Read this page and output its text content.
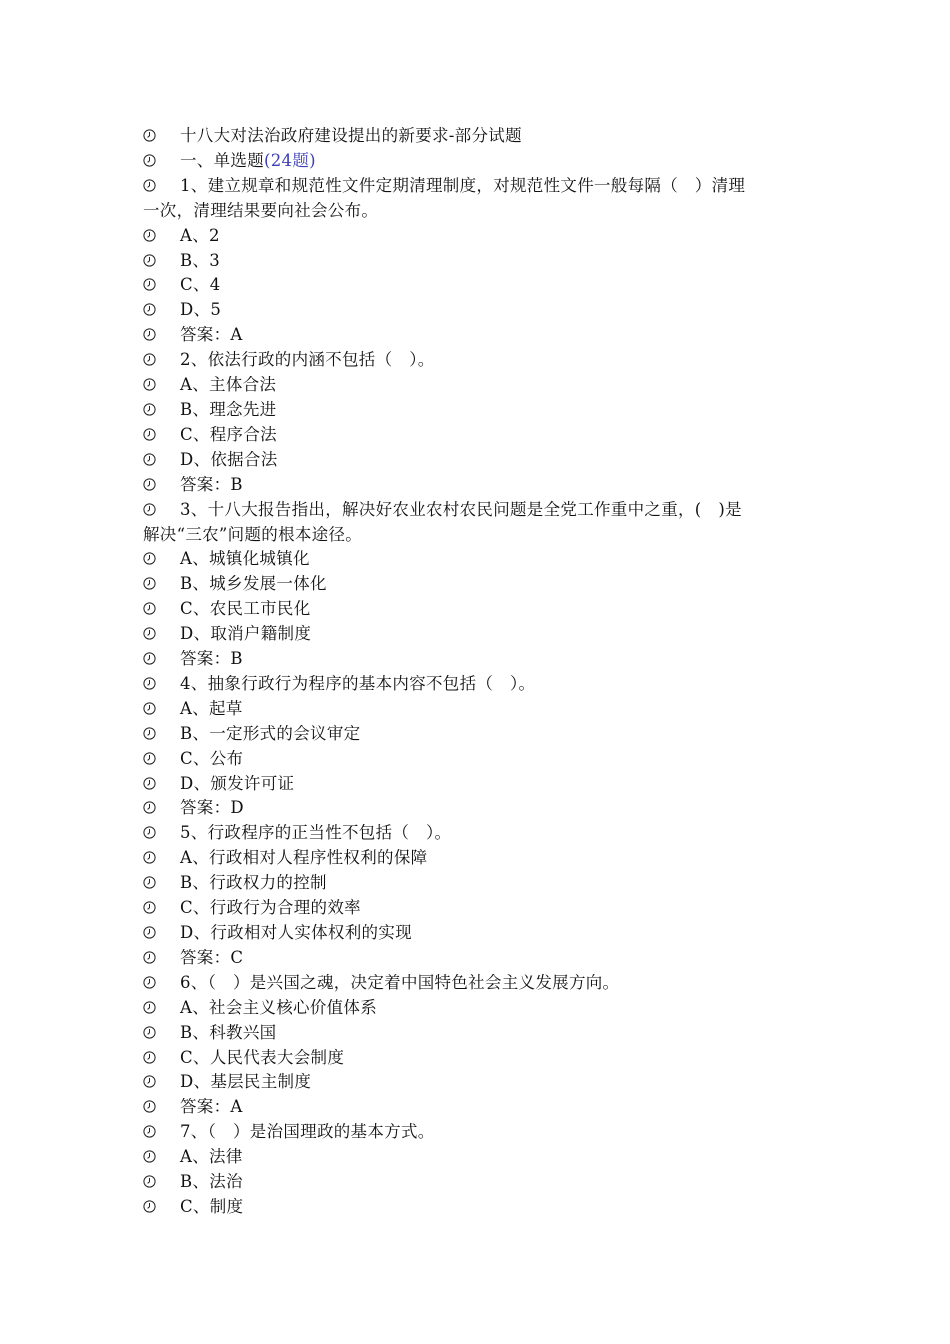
十八大对法治政府建设提出的新要求-部分试题
一、单选题(24题)
1、建立规章和规范性文件定期清理制度，对规范性文件一般每隔（　）清理
一次，清理结果要向社会公布。
A、2
B、3
C、4
D、5
答案：A
2、依法行政的内涵不包括（　）。
A、主体合法
B、理念先进
C、程序合法
D、依据合法
答案：B
3、十八大报告指出，解决好农业农村农民问题是全党工作重中之重，(　)是
解决“三农”问题的根本途径。
A、城镇化城镇化
B、城乡发展一体化
C、农民工市民化
D、取消户籍制度
答案：B
4、抽象行政行为程序的基本内容不包括（　）。
A、起草
B、一定形式的会议审定
C、公布
D、颁发许可证
答案：D
5、行政程序的正当性不包括（　）。
A、行政相对人程序性权利的保障
B、行政权力的控制
C、行政行为合理的效率
D、行政相对人实体权利的实现
答案：C
6、（　）是兴国之魂，决定着中国特色社会主义发展方向。
A、社会主义核心价值体系
B、科教兴国
C、人民代表大会制度
D、基层民主制度
答案：A
7、（　）是治国理政的基本方式。
A、法律
B、法治
C、制度
